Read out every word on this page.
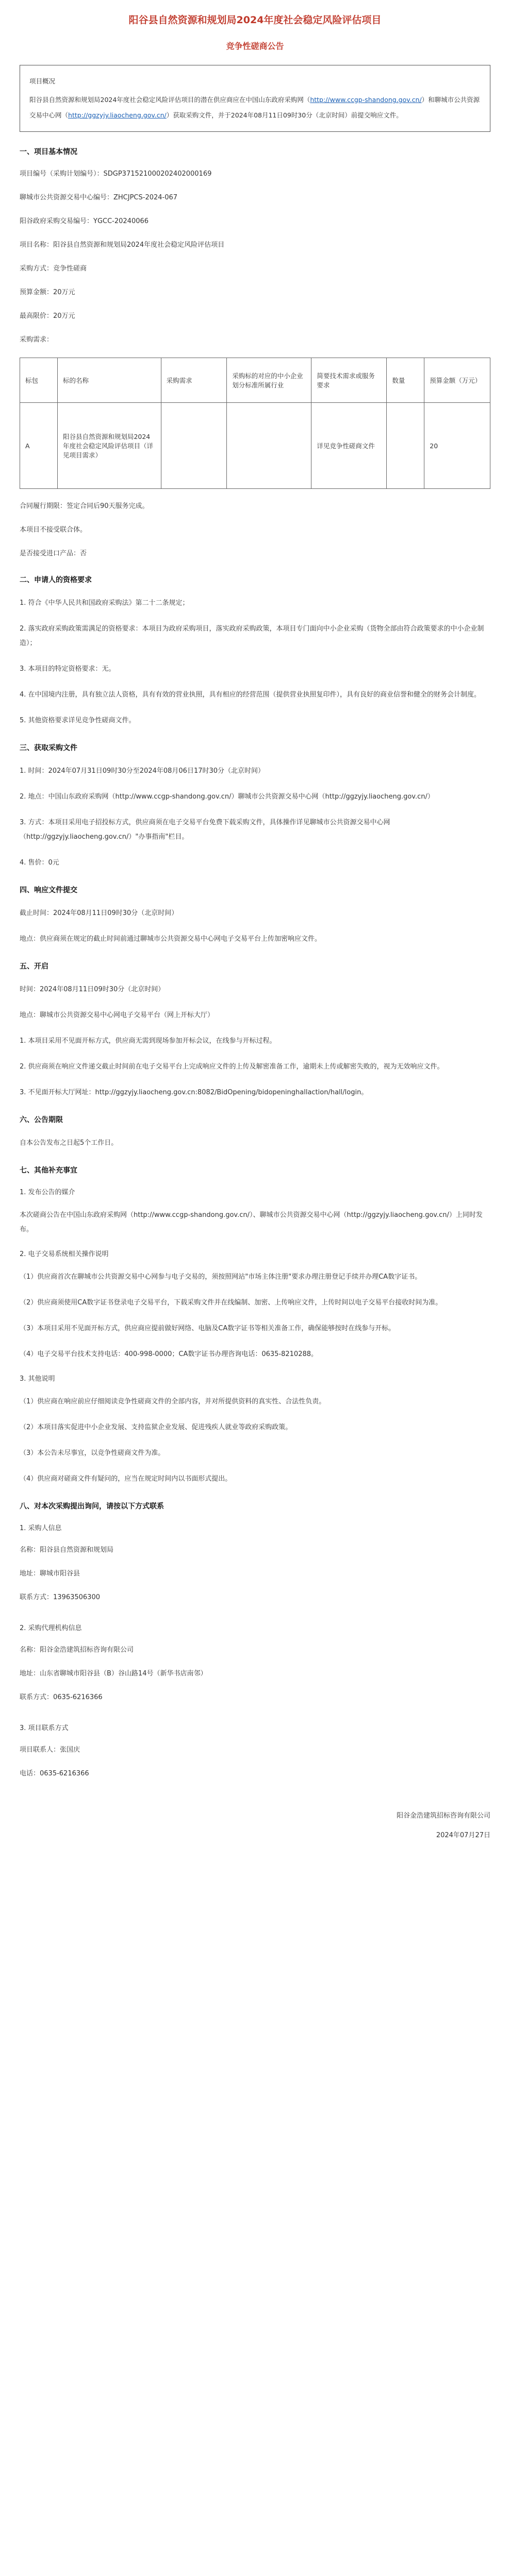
阳谷县自然资源和规划局2024年度社会稳定风险评估项目
竞争性磋商公告
项目概况

阳谷县自然资源和规划局2024年度社会稳定风险评估项目的潜在供应商应在中国山东政府采购网（http://www.ccgp-shandong.gov.cn/）和聊城市公共资源交易中心网（http://ggzyjy.liaocheng.gov.cn/）获取采购文件，并于2024年08月11日09时30分（北京时间）前提交响应文件。

一、项目基本情况
项目编号（采购计划编号）：SDGP371521000202402000169
聊城市公共资源交易中心编号：ZHCJPCS-2024-067
阳谷政府采购交易编号：YGCC-20240066
项目名称：阳谷县自然资源和规划局2024年度社会稳定风险评估项目
采购方式：竞争性磋商
预算金额：20万元
最高限价：20万元
采购需求：
标包	标的名称	采购需求	采购标的对应的中小企业划分标准所属行业	简要技术需求或服务要求	数量	预算金额（万元）
A	阳谷县自然资源和规划局2024年度社会稳定风险评估项目（详见项目需求）			详见竞争性磋商文件		20
合同履行期限：签定合同后90天服务完成。
本项目不接受联合体。
是否接受进口产品：否
二、申请人的资格要求
1. 符合《中华人民共和国政府采购法》第二十二条规定；
2. 落实政府采购政策需满足的资格要求：本项目为政府采购项目，落实政府采购政策，本项目专门面向中小企业采购（货物全部由符合政策要求的中小企业制造）；
3. 本项目的特定资格要求：无。
4. 在中国境内注册，具有独立法人资格，具有有效的营业执照，具有相应的经营范围（提供营业执照复印件），具有良好的商业信誉和健全的财务会计制度。
5. 其他资格要求详见竞争性磋商文件。
三、获取采购文件
1. 时间：2024年07月31日09时30分至2024年08月06日17时30分（北京时间）
2. 地点：中国山东政府采购网（http://www.ccgp-shandong.gov.cn/）聊城市公共资源交易中心网（http://ggzyjy.liaocheng.gov.cn/）
3. 方式：本项目采用电子招投标方式，供应商须在电子交易平台免费下载采购文件，具体操作详见聊城市公共资源交易中心网（http://ggzyjy.liaocheng.gov.cn/）"办事指南"栏目。
4. 售价：0元
四、响应文件提交
截止时间：2024年08月11日09时30分（北京时间）
地点：供应商须在规定的截止时间前通过聊城市公共资源交易中心网电子交易平台上传加密响应文件。
五、开启
时间：2024年08月11日09时30分（北京时间）
地点：聊城市公共资源交易中心网电子交易平台（网上开标大厅）
1. 本项目采用不见面开标方式，供应商无需到现场参加开标会议，在线参与开标过程。
2. 供应商须在响应文件递交截止时间前在电子交易平台上完成响应文件的上传及解密准备工作，逾期未上传或解密失败的，视为无效响应文件。
3. 不见面开标大厅网址：http://ggzyjy.liaocheng.gov.cn:8082/BidOpening/bidopeninghallaction/hall/login。
六、公告期限
自本公告发布之日起5个工作日。
七、其他补充事宜
1. 发布公告的媒介
本次磋商公告在中国山东政府采购网（http://www.ccgp-shandong.gov.cn/）、聊城市公共资源交易中心网（http://ggzyjy.liaocheng.gov.cn/）上同时发布。
2. 电子交易系统相关操作说明
（1）供应商首次在聊城市公共资源交易中心网参与电子交易的，须按照网站"市场主体注册"要求办理注册登记手续并办理CA数字证书。
（2）供应商须使用CA数字证书登录电子交易平台，下载采购文件并在线编制、加密、上传响应文件，上传时间以电子交易平台接收时间为准。
（3）本项目采用不见面开标方式，供应商应提前做好网络、电脑及CA数字证书等相关准备工作，确保能够按时在线参与开标。
（4）电子交易平台技术支持电话：400-998-0000；CA数字证书办理咨询电话：0635-8210288。
3. 其他说明
（1）供应商在响应前应仔细阅读竞争性磋商文件的全部内容，并对所提供资料的真实性、合法性负责。
（2）本项目落实促进中小企业发展、支持监狱企业发展、促进残疾人就业等政府采购政策。
（3）本公告未尽事宜，以竞争性磋商文件为准。
（4）供应商对磋商文件有疑问的，应当在规定时间内以书面形式提出。
八、对本次采购提出询问，请按以下方式联系
1. 采购人信息
名称：阳谷县自然资源和规划局
地址：聊城市阳谷县
联系方式：13963506300
2. 采购代理机构信息
名称：阳谷金浩建筑招标咨询有限公司
地址：山东省聊城市阳谷县（B）谷山路14号（新华书店南邻）
联系方式：0635-6216366
3. 项目联系方式
项目联系人：张国庆
电话：0635-6216366
阳谷金浩建筑招标咨询有限公司
2024年07月27日
